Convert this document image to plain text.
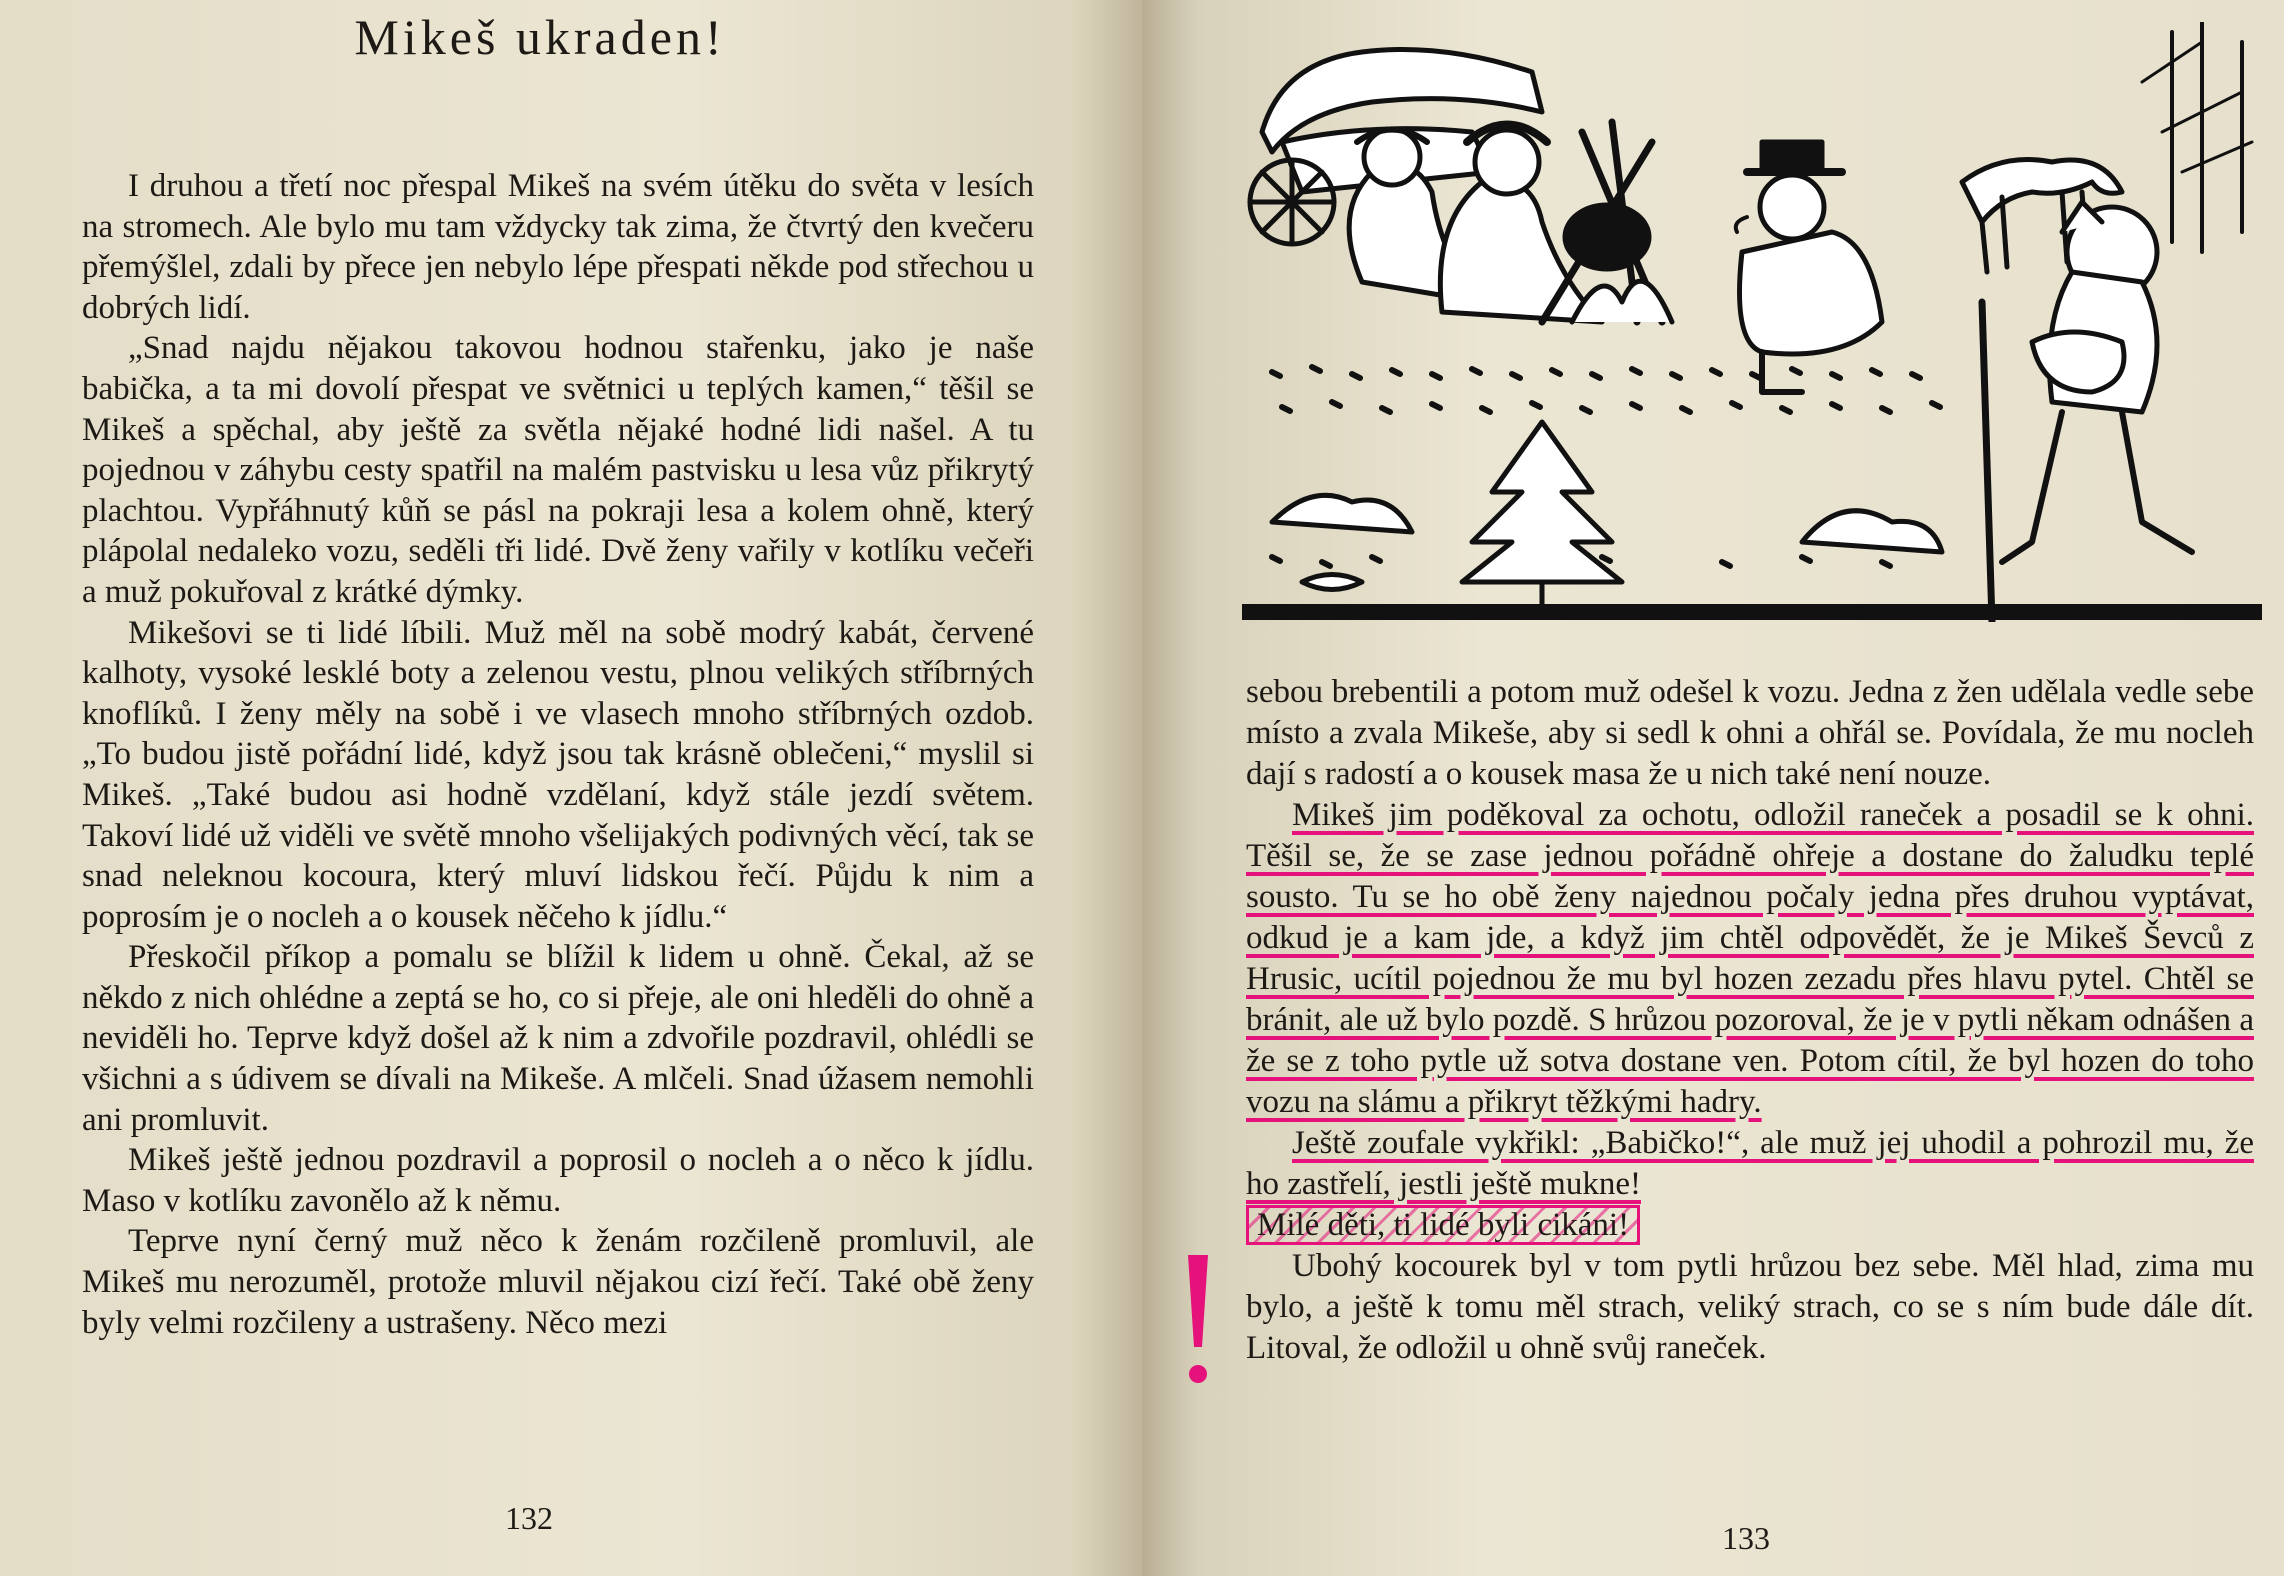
Mikeš ukraden!

I druhou a třetí noc přespal Mikeš na svém útěku do světa v lesích na stromech. Ale bylo mu tam vždycky tak zima, že čtvrtý den kvečeru přemýšlel, zdali by přece jen nebylo lépe přespati někde pod střechou u dobrých lidí.

„Snad najdu nějakou takovou hodnou stařenku, jako je naše babička, a ta mi dovolí přespat ve světnici u teplých kamen,“ těšil se Mikeš a spěchal, aby ještě za světla nějaké hodné lidi našel. A tu pojednou v záhybu cesty spatřil na malém pastvisku u lesa vůz přikrytý plachtou. Vypřáhnutý kůň se pásl na pokraji lesa a kolem ohně, který plápolal nedaleko vozu, seděli tři lidé. Dvě ženy vařily v kotlíku večeři a muž pokuřoval z krátké dýmky.

Mikešovi se ti lidé líbili. Muž měl na sobě modrý kabát, červené kalhoty, vysoké lesklé boty a zelenou vestu, plnou velikých stříbrných knoflíků. I ženy měly na sobě i ve vlasech mnoho stříbrných ozdob. „To budou jistě pořádní lidé, když jsou tak krásně oblečeni,“ myslil si Mikeš. „Také budou asi hodně vzdělaní, když stále jezdí světem. Takoví lidé už viděli ve světě mnoho všelijakých podivných věcí, tak se snad neleknou kocoura, který mluví lidskou řečí. Půjdu k nim a poprosím je o nocleh a o kousek něčeho k jídlu.“

Přeskočil příkop a pomalu se blížil k lidem u ohně. Čekal, až se někdo z nich ohlédne a zeptá se ho, co si přeje, ale oni hleděli do ohně a neviděli ho. Teprve když došel až k nim a zdvořile pozdravil, ohlédli se všichni a s údivem se dívali na Mikeše. A mlčeli. Snad úžasem nemohli ani promluvit.

Mikeš ještě jednou pozdravil a poprosil o nocleh a o něco k jídlu. Maso v kotlíku zavonělo až k němu.

Teprve nyní černý muž něco k ženám rozčileně promluvil, ale Mikeš mu nerozuměl, protože mluvil nějakou cizí řečí. Také obě ženy byly velmi rozčileny a ustrašeny. Něco mezi

132

sebou brebentili a potom muž odešel k vozu. Jedna z žen udělala vedle sebe místo a zvala Mikeše, aby si sedl k ohni a ohřál se. Povídala, že mu nocleh dají s radostí a o kousek masa že u nich také není nouze.

Mikeš jim poděkoval za ochotu, odložil raneček a posadil se k ohni. Těšil se, že se zase jednou pořádně ohřeje a dostane do žaludku teplé sousto. Tu se ho obě ženy najednou počaly jedna přes druhou vyptávat, odkud je a kam jde, a když jim chtěl odpovědět, že je Mikeš Ševců z Hrusic, ucítil pojednou že mu byl hozen zezadu přes hlavu pytel. Chtěl se bránit, ale už bylo pozdě. S hrůzou pozoroval, že je v pytli někam odnášen a že se z toho pytle už sotva dostane ven. Potom cítil, že byl hozen do toho vozu na slámu a přikryt těžkými hadry.

Ještě zoufale vykřikl: „Babičko!“, ale muž jej uhodil a pohrozil mu, že ho zastřelí, jestli ještě mukne!

Milé děti, ti lidé byli cikáni!

Ubohý kocourek byl v tom pytli hrůzou bez sebe. Měl hlad, zima mu bylo, a ještě k tomu měl strach, veliký strach, co se s ním bude dále dít. Litoval, že odložil u ohně svůj raneček.

133
